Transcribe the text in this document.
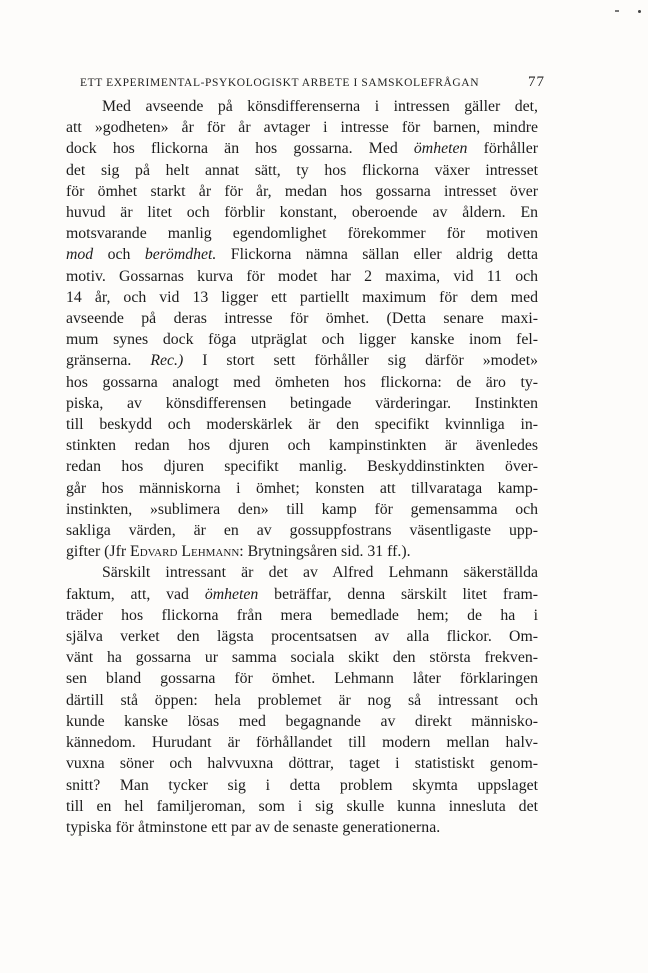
ETT EXPERIMENTAL-PSYKOLOGISKT ARBETE I SAMSKOLEFRÅGAN	77
Med avseende på könsdifferenserna i intressen gäller det,
att »godheten» år för år avtager i intresse för barnen, mindre
dock hos flickorna än hos gossarna. Med ömheten förhåller
det sig på helt annat sätt, ty hos flickorna växer intresset
för ömhet starkt år för år, medan hos gossarna intresset över
huvud är litet och förblir konstant, oberoende av åldern. En
motsvarande manlig egendomlighet förekommer för motiven
mod och berömdhet. Flickorna nämna sällan eller aldrig detta
motiv. Gossarnas kurva för modet har 2 maxima, vid 11 och
14 år, och vid 13 ligger ett partiellt maximum för dem med
avseende på deras intresse för ömhet. (Detta senare maxi-
mum synes dock föga utpräglat och ligger kanske inom fel-
gränserna. Rec.) I stort sett förhåller sig därför »modet»
hos gossarna analogt med ömheten hos flickorna: de äro ty-
piska, av könsdifferensen betingade värderingar. Instinkten
till beskydd och moderskärlek är den specifikt kvinnliga in-
stinkten redan hos djuren och kampinstinkten är ävenledes
redan hos djuren specifikt manlig. Beskyddinstinkten över-
går hos människorna i ömhet; konsten att tillvaratagа kamp-
instinkten, »sublimera den» till kamp för gemensamma och
sakliga värden, är en av gossuppfostrans väsentligaste upp-
gifter (Jfr Edvard Lehmann: Brytningsåren sid. 31 ff.).
Särskilt intressant är det av Alfred Lehmann säkerställda
faktum, att, vad ömheten beträffar, denna särskilt litet fram-
träder hos flickorna från mera bemedlade hem; de ha i
själva verket den lägsta procentsatsen av alla flickor. Om-
vänt ha gossarna ur samma sociala skikt den största frekven-
sen bland gossarna för ömhet. Lehmann låter förklaringen
därtill stå öppen: hela problemet är nog så intressant och
kunde kanske lösas med begagnande av direkt människo-
kännedom. Hurudant är förhållandet till modern mellan halv-
vuxna söner och halvvuxna döttrar, taget i statistiskt genom-
snitt? Man tycker sig i detta problem skymta uppslaget
till en hel familjeroman, som i sig skulle kunna innesluta det
typiska för åtminstone ett par av de senaste generationerna.
